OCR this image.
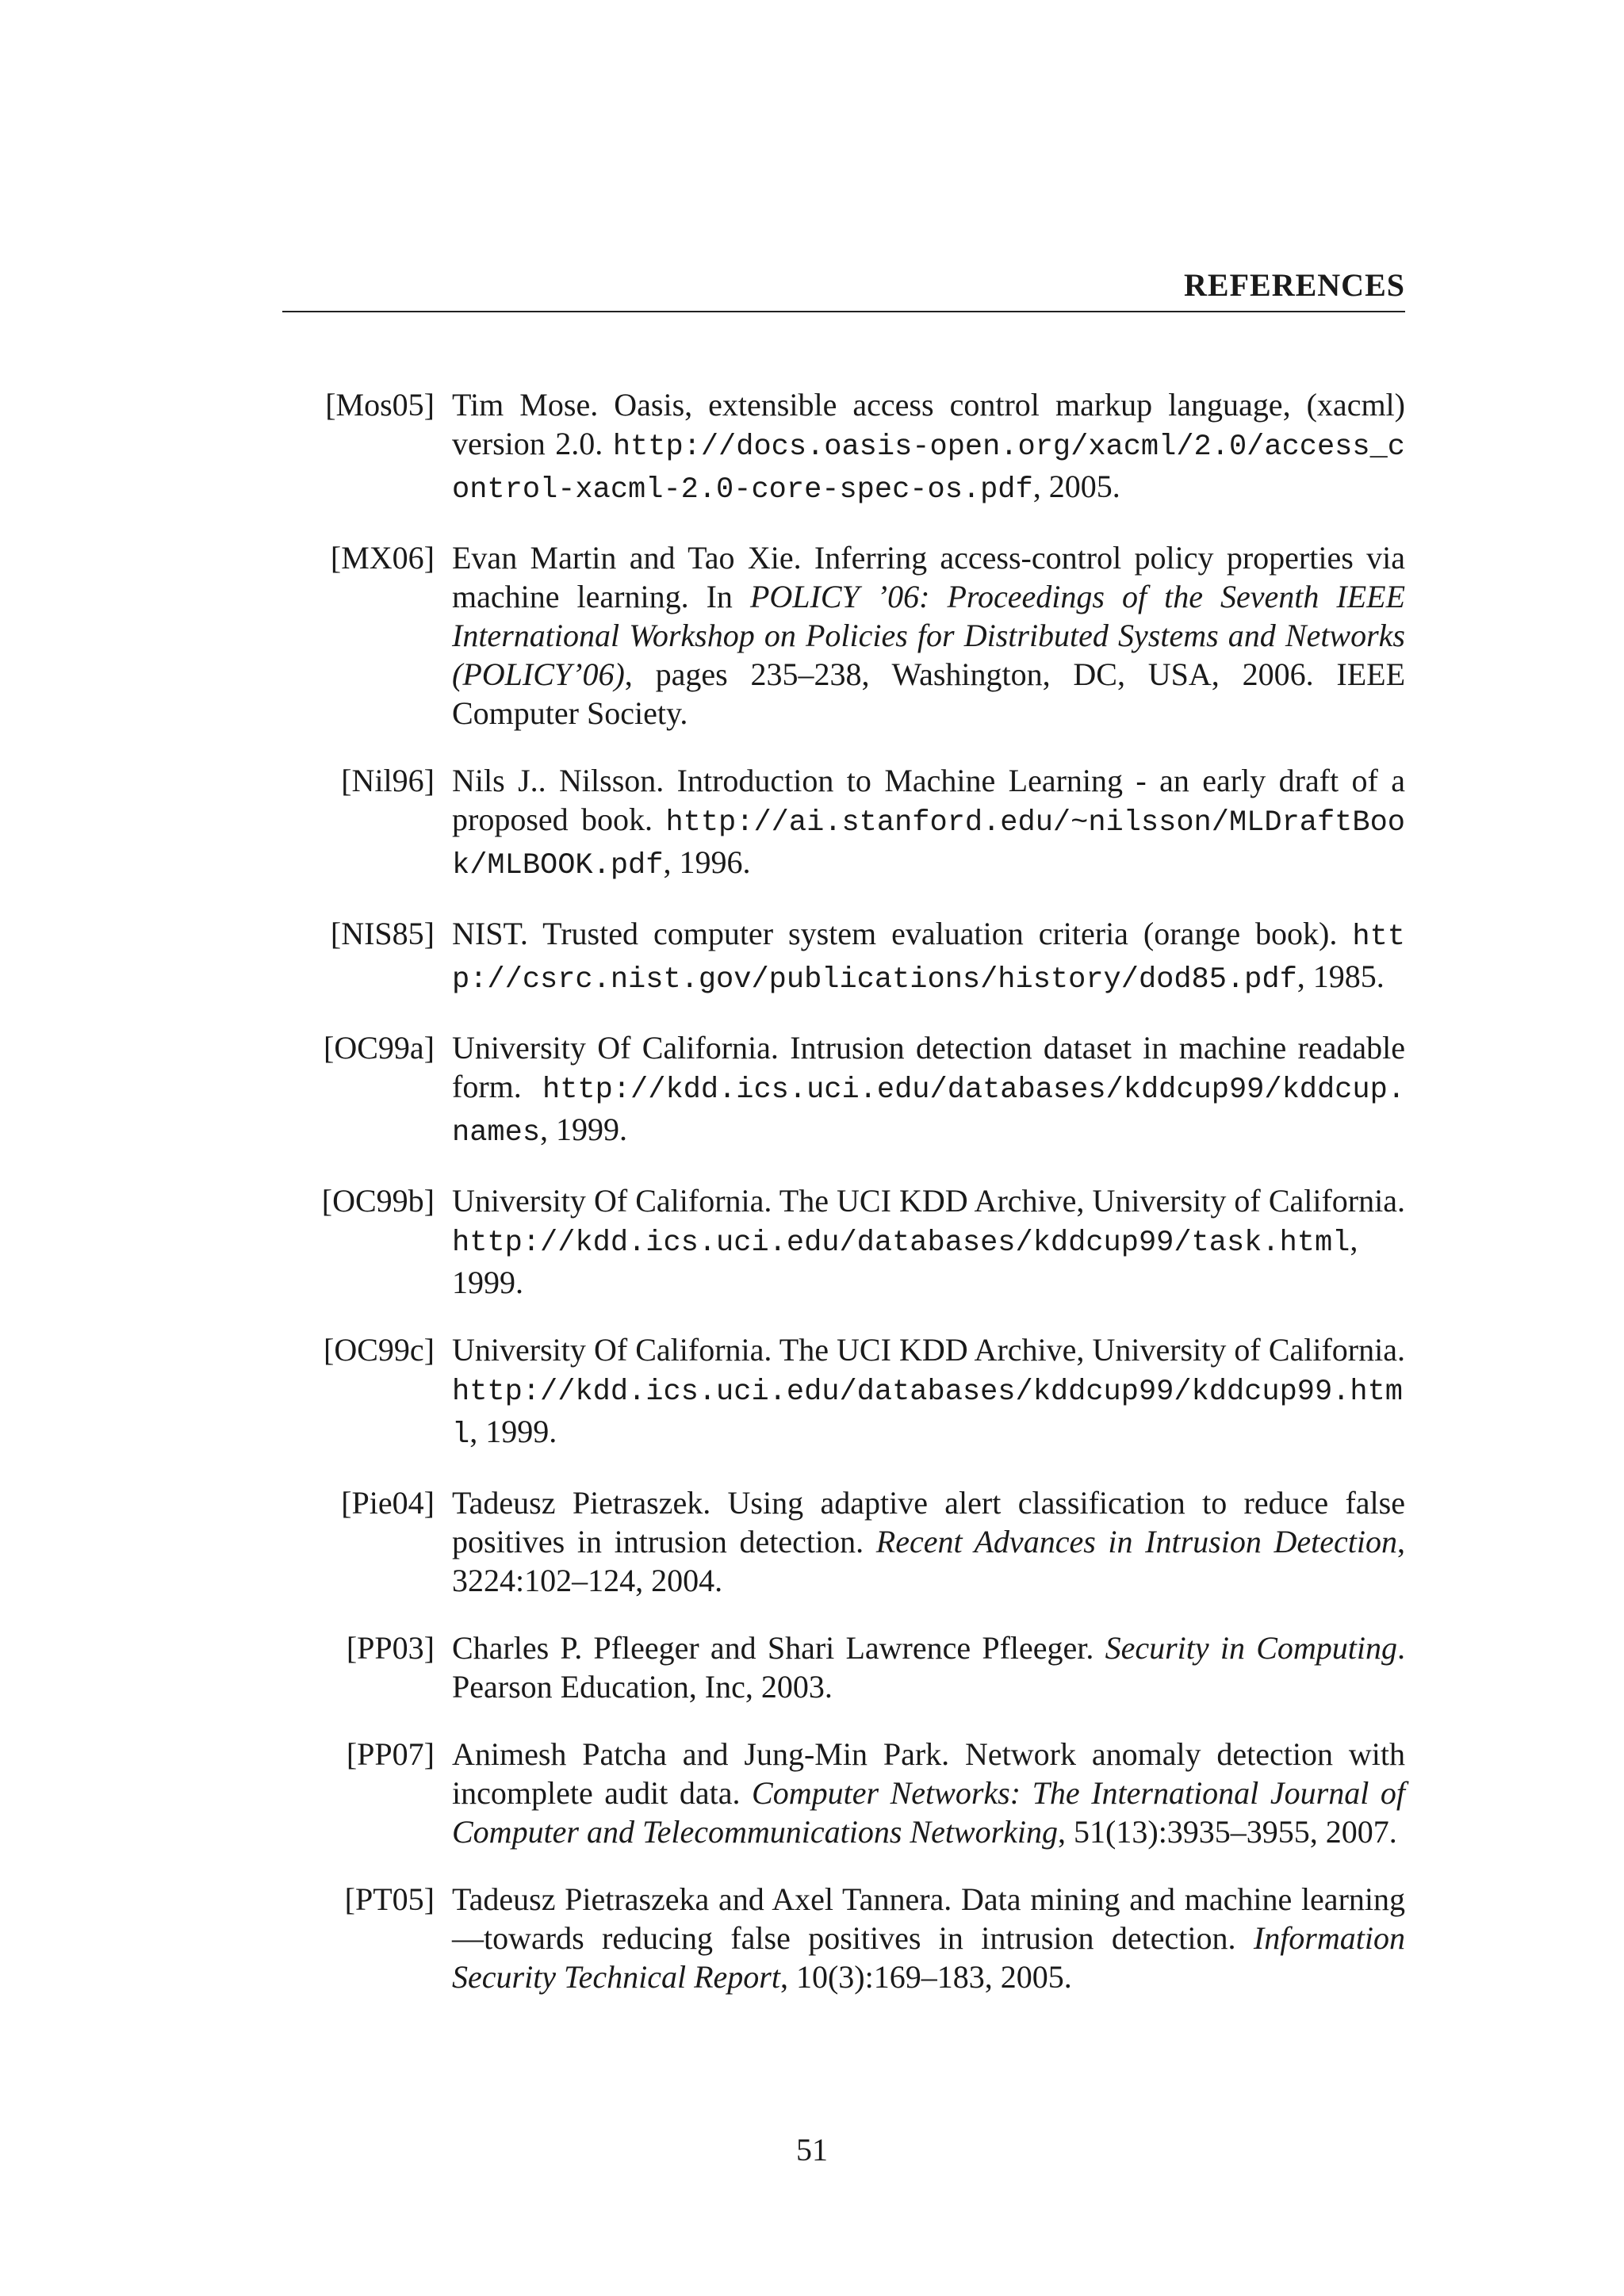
REFERENCES
[Mos05] Tim Mose. Oasis, extensible access control markup language, (xacml) version 2.0. http://docs.oasis-open.org/xacml/2.0/access_control-xacml-2.0-core-spec-os.pdf, 2005.
[MX06] Evan Martin and Tao Xie. Inferring access-control policy properties via machine learning. In POLICY ’06: Proceedings of the Seventh IEEE International Workshop on Policies for Distributed Systems and Networks (POLICY’06), pages 235–238, Washington, DC, USA, 2006. IEEE Computer Society.
[Nil96] Nils J.. Nilsson. Introduction to Machine Learning - an early draft of a proposed book. http://ai.stanford.edu/~nilsson/MLDraftBook/MLBOOK.pdf, 1996.
[NIS85] NIST. Trusted computer system evaluation criteria (orange book). http://csrc.nist.gov/publications/history/dod85.pdf, 1985.
[OC99a] University Of California. Intrusion detection dataset in machine readable form. http://kdd.ics.uci.edu/databases/kddcup99/kddcup.names, 1999.
[OC99b] University Of California. The UCI KDD Archive, University of California. http://kdd.ics.uci.edu/databases/kddcup99/task.html, 1999.
[OC99c] University Of California. The UCI KDD Archive, University of California. http://kdd.ics.uci.edu/databases/kddcup99/kddcup99.html, 1999.
[Pie04] Tadeusz Pietraszek. Using adaptive alert classification to reduce false positives in intrusion detection. Recent Advances in Intrusion Detection, 3224:102–124, 2004.
[PP03] Charles P. Pfleeger and Shari Lawrence Pfleeger. Security in Computing. Pearson Education, Inc, 2003.
[PP07] Animesh Patcha and Jung-Min Park. Network anomaly detection with incomplete audit data. Computer Networks: The International Journal of Computer and Telecommunications Networking, 51(13):3935–3955, 2007.
[PT05] Tadeusz Pietraszeka and Axel Tannera. Data mining and machine learning—towards reducing false positives in intrusion detection. Information Security Technical Report, 10(3):169–183, 2005.
51
